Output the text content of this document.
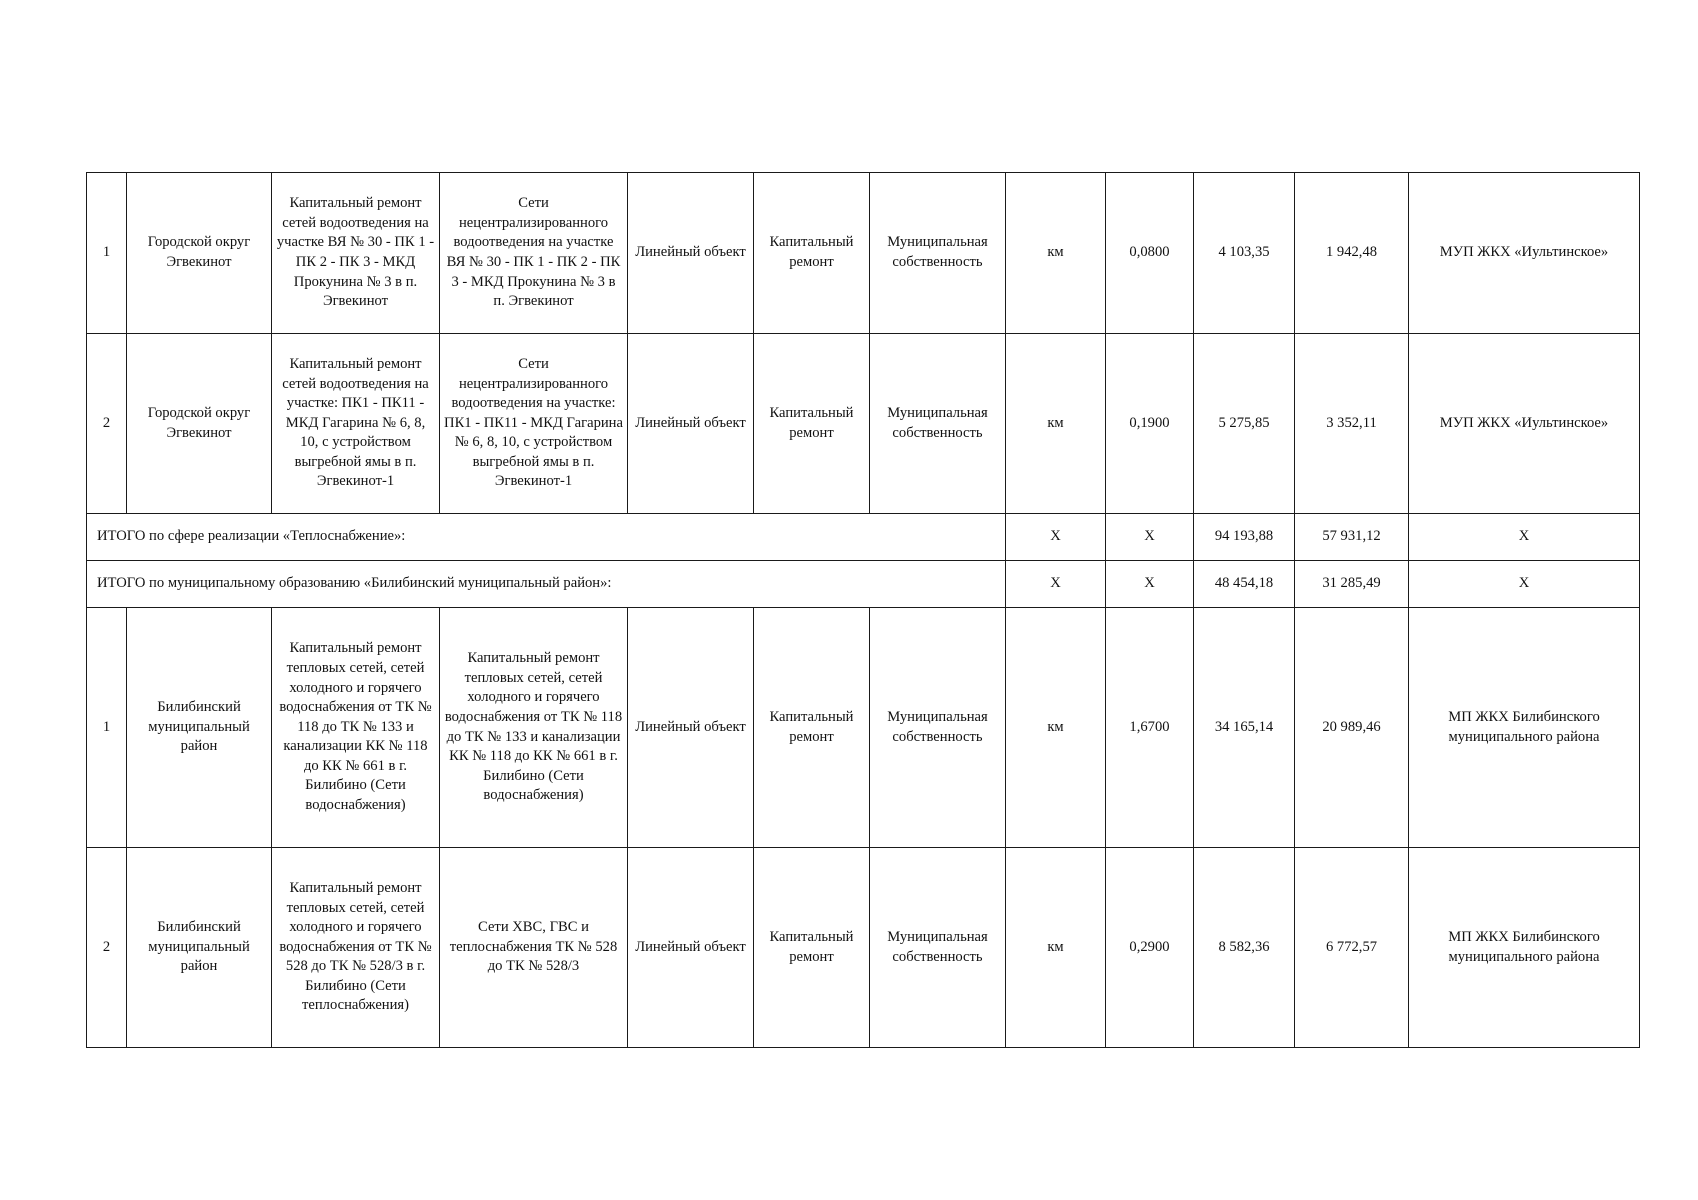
1	Городской округ Эгвекинот	Капитальный ремонт сетей водоотведения на участке ВЯ № 30 - ПК 1 - ПК 2 - ПК 3 - МКД Прокунина № 3 в п. Эгвекинот	Сети нецентрализированного водоотведения на участке ВЯ № 30 - ПК 1 - ПК 2 - ПК 3 - МКД Прокунина № 3 в п. Эгвекинот	Линейный объект	Капитальный ремонт	Муниципальная собственность	км	0,0800	4 103,35	1 942,48	МУП ЖКХ «Иультинское»
2	Городской округ Эгвекинот	Капитальный ремонт сетей водоотведения на участке: ПК1 - ПК11 - МКД Гагарина № 6, 8, 10, с устройством выгребной ямы в п. Эгвекинот-1	Сети нецентрализированного водоотведения на участке: ПК1 - ПК11 - МКД Гагарина № 6, 8, 10, с устройством выгребной ямы в п. Эгвекинот-1	Линейный объект	Капитальный ремонт	Муниципальная собственность	км	0,1900	5 275,85	3 352,11	МУП ЖКХ «Иультинское»
ИТОГО по сфере реализации «Теплоснабжение»:							Х	Х	94 193,88	57 931,12	Х
ИТОГО по муниципальному образованию «Билибинский муниципальный район»:							Х	Х	48 454,18	31 285,49	Х
1	Билибинский муниципальный район	Капитальный ремонт тепловых сетей, сетей холодного и горячего водоснабжения от ТК № 118 до ТК № 133 и канализации КК № 118 до КК № 661 в г. Билибино (Сети водоснабжения)	Капитальный ремонт тепловых сетей, сетей холодного и горячего водоснабжения от ТК № 118 до ТК № 133 и канализации КК № 118 до КК № 661 в г. Билибино (Сети водоснабжения)	Линейный объект	Капитальный ремонт	Муниципальная собственность	км	1,6700	34 165,14	20 989,46	МП ЖКХ Билибинского муниципального района
2	Билибинский муниципальный район	Капитальный ремонт тепловых сетей, сетей холодного и горячего водоснабжения от ТК № 528 до ТК № 528/3 в г. Билибино (Сети теплоснабжения)	Сети ХВС, ГВС и теплоснабжения ТК № 528 до ТК № 528/3	Линейный объект	Капитальный ремонт	Муниципальная собственность	км	0,2900	8 582,36	6 772,57	МП ЖКХ Билибинского муниципального района
